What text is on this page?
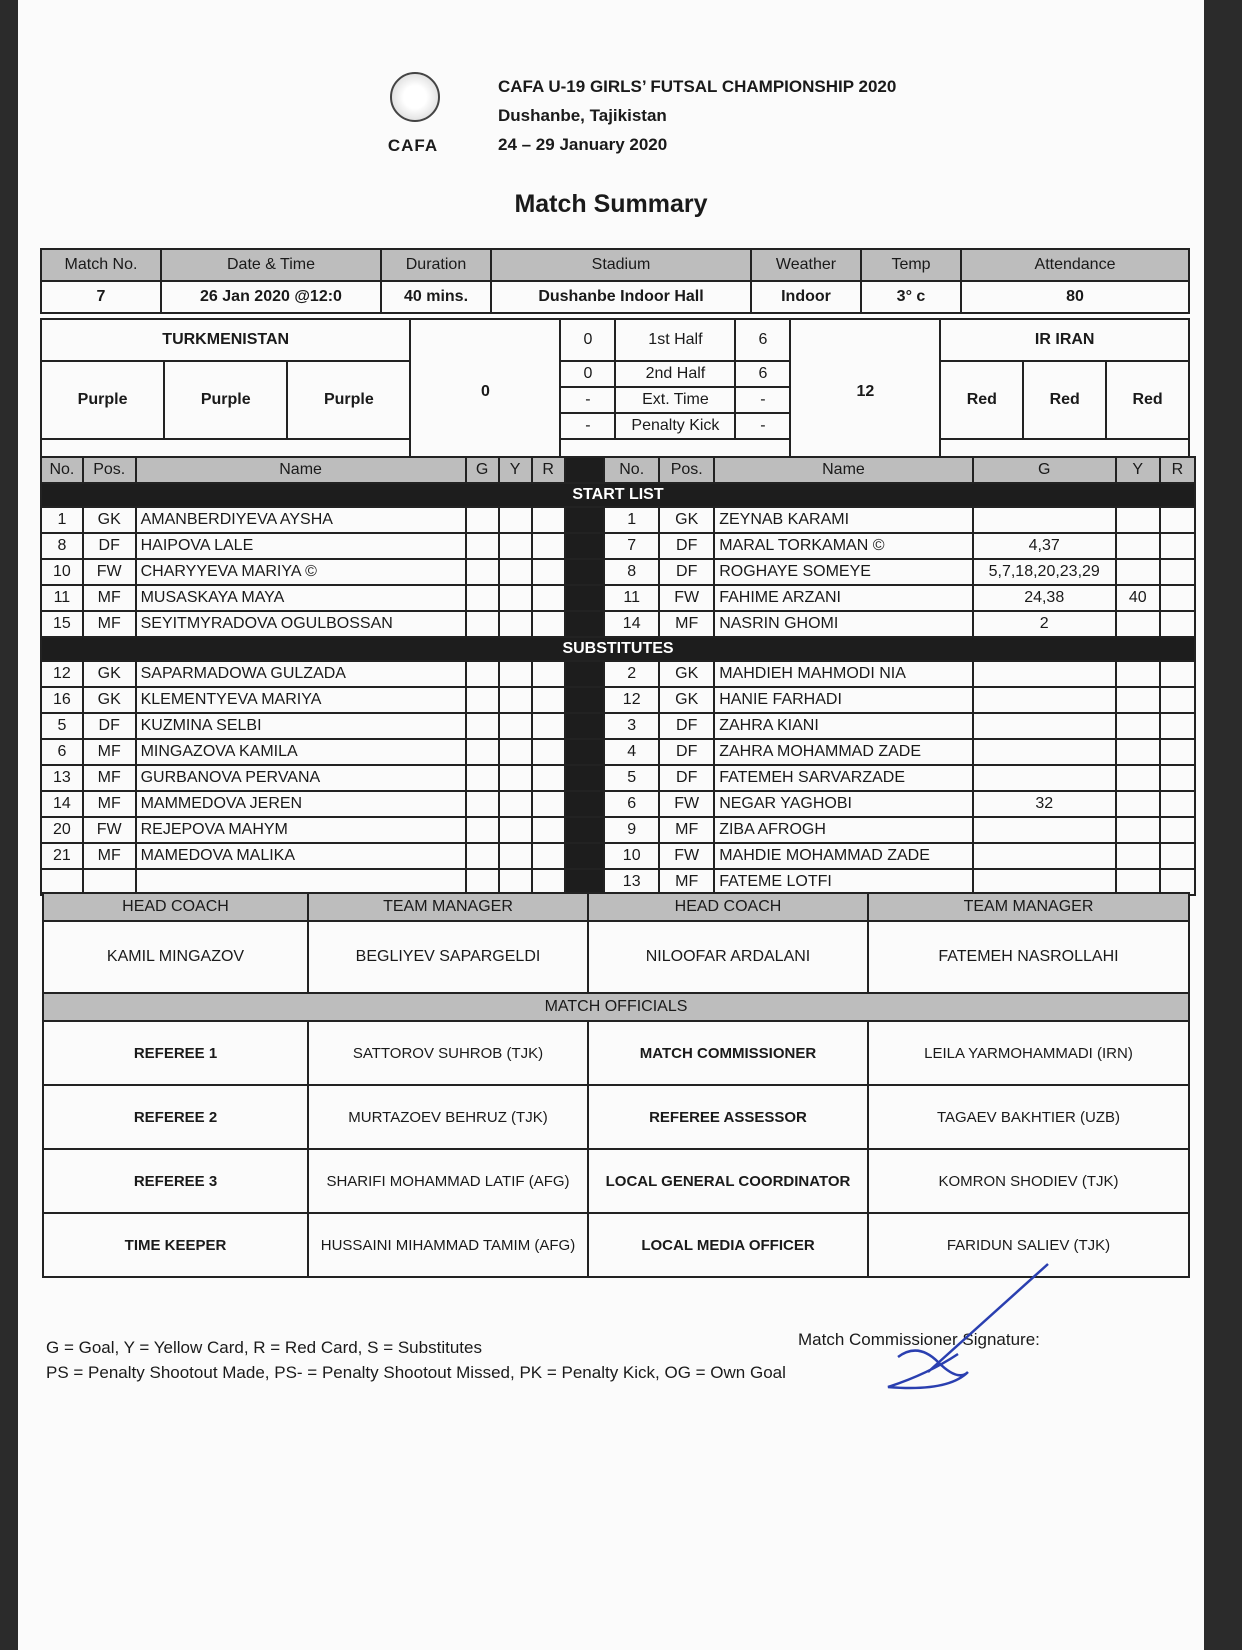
CAFA
CAFA U-19 GIRLS’ FUTSAL CHAMPIONSHIP 2020
Dushanbe, Tajikistan
24 – 29 January 2020
Match Summary
Match No.	Date & Time	Duration	Stadium	Weather	Temp	Attendance
7	26 Jan 2020 @12:0	40 mins.	Dushanbe Indoor Hall	Indoor	3° c	80
TURKMENISTAN			0	0	1st Half	6	12	IR IRAN		
Purple	Purple	Purple		0	2nd Half	6		Red	Red	Red
				-	Ext. Time	-				
				-	Penalty Kick	-				

No.	Pos.	Name	G	Y	R		No.	Pos.	Name	G	Y	R
START LIST												
1	GK	AMANBERDIYEVA AYSHA					1	GK	ZEYNAB KARAMI			
8	DF	HAIPOVA LALE					7	DF	MARAL TORKAMAN ©	4,37		
10	FW	CHARYYEVA MARIYA ©					8	DF	ROGHAYE SOMEYE	5,7,18,20,23,29		
11	MF	MUSASKAYA MAYA					11	FW	FAHIME ARZANI	24,38	40	
15	MF	SEYITMYRADOVA OGULBOSSAN					14	MF	NASRIN GHOMI	2		
SUBSTITUTES												
12	GK	SAPARMADOWA GULZADA					2	GK	MAHDIEH MAHMODI NIA			
16	GK	KLEMENTYEVA MARIYA					12	GK	HANIE FARHADI			
5	DF	KUZMINA SELBI					3	DF	ZAHRA KIANI			
6	MF	MINGAZOVA KAMILA					4	DF	ZAHRA MOHAMMAD ZADE			
13	MF	GURBANOVA PERVANA					5	DF	FATEMEH SARVARZADE			
14	MF	MAMMEDOVA JEREN					6	FW	NEGAR YAGHOBI	32		
20	FW	REJEPOVA MAHYM					9	MF	ZIBA AFROGH			
21	MF	MAMEDOVA MALIKA					10	FW	MAHDIE MOHAMMAD ZADE			
							13	MF	FATEME LOTFI			
HEAD COACH	TEAM MANAGER	HEAD COACH	TEAM MANAGER
KAMIL MINGAZOV	BEGLIYEV SAPARGELDI	NILOOFAR ARDALANI	FATEMEH NASROLLAHI
MATCH OFFICIALS			
REFEREE 1	SATTOROV SUHROB (TJK)	MATCH COMMISSIONER	LEILA YARMOHAMMADI (IRN)
REFEREE 2	MURTAZOEV BEHRUZ (TJK)	REFEREE ASSESSOR	TAGAEV BAKHTIER (UZB)
REFEREE 3	SHARIFI MOHAMMAD LATIF (AFG)	LOCAL GENERAL COORDINATOR	KOMRON SHODIEV (TJK)
TIME KEEPER	HUSSAINI MIHAMMAD TAMIM (AFG)	LOCAL MEDIA OFFICER	FARIDUN SALIEV (TJK)
G = Goal, Y = Yellow Card, R = Red Card, S = Substitutes
PS = Penalty Shootout Made, PS- = Penalty Shootout Missed, PK = Penalty Kick, OG = Own Goal
Match Commissioner Signature:
